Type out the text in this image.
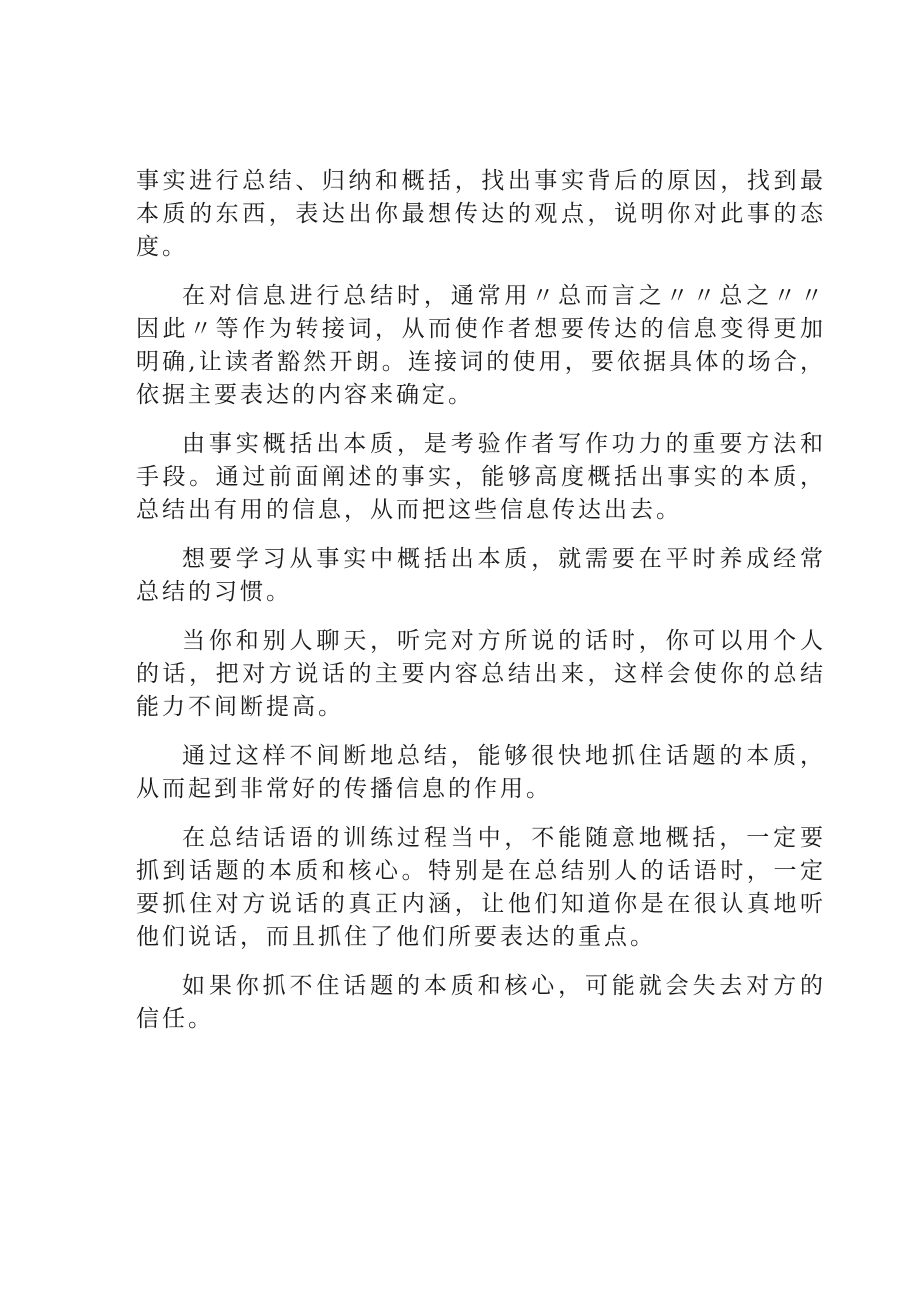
事实进行总结、归纳和概括，找出事实背后的原因，找到最本质的东西，表达出你最想传达的观点，说明你对此事的态度。

在对信息进行总结时，通常用〃总而言之〃〃总之〃〃因此〃等作为转接词，从而使作者想要传达的信息变得更加明确,让读者豁然开朗。连接词的使用，要依据具体的场合，依据主要表达的内容来确定。

由事实概括出本质，是考验作者写作功力的重要方法和手段。通过前面阐述的事实，能够高度概括出事实的本质，总结出有用的信息，从而把这些信息传达出去。

想要学习从事实中概括出本质，就需要在平时养成经常总结的习惯。

当你和别人聊天，听完对方所说的话时，你可以用个人的话，把对方说话的主要内容总结出来，这样会使你的总结能力不间断提高。

通过这样不间断地总结，能够很快地抓住话题的本质，从而起到非常好的传播信息的作用。

在总结话语的训练过程当中，不能随意地概括，一定要抓到话题的本质和核心。特别是在总结别人的话语时，一定要抓住对方说话的真正内涵，让他们知道你是在很认真地听他们说话，而且抓住了他们所要表达的重点。

如果你抓不住话题的本质和核心，可能就会失去对方的信任。
